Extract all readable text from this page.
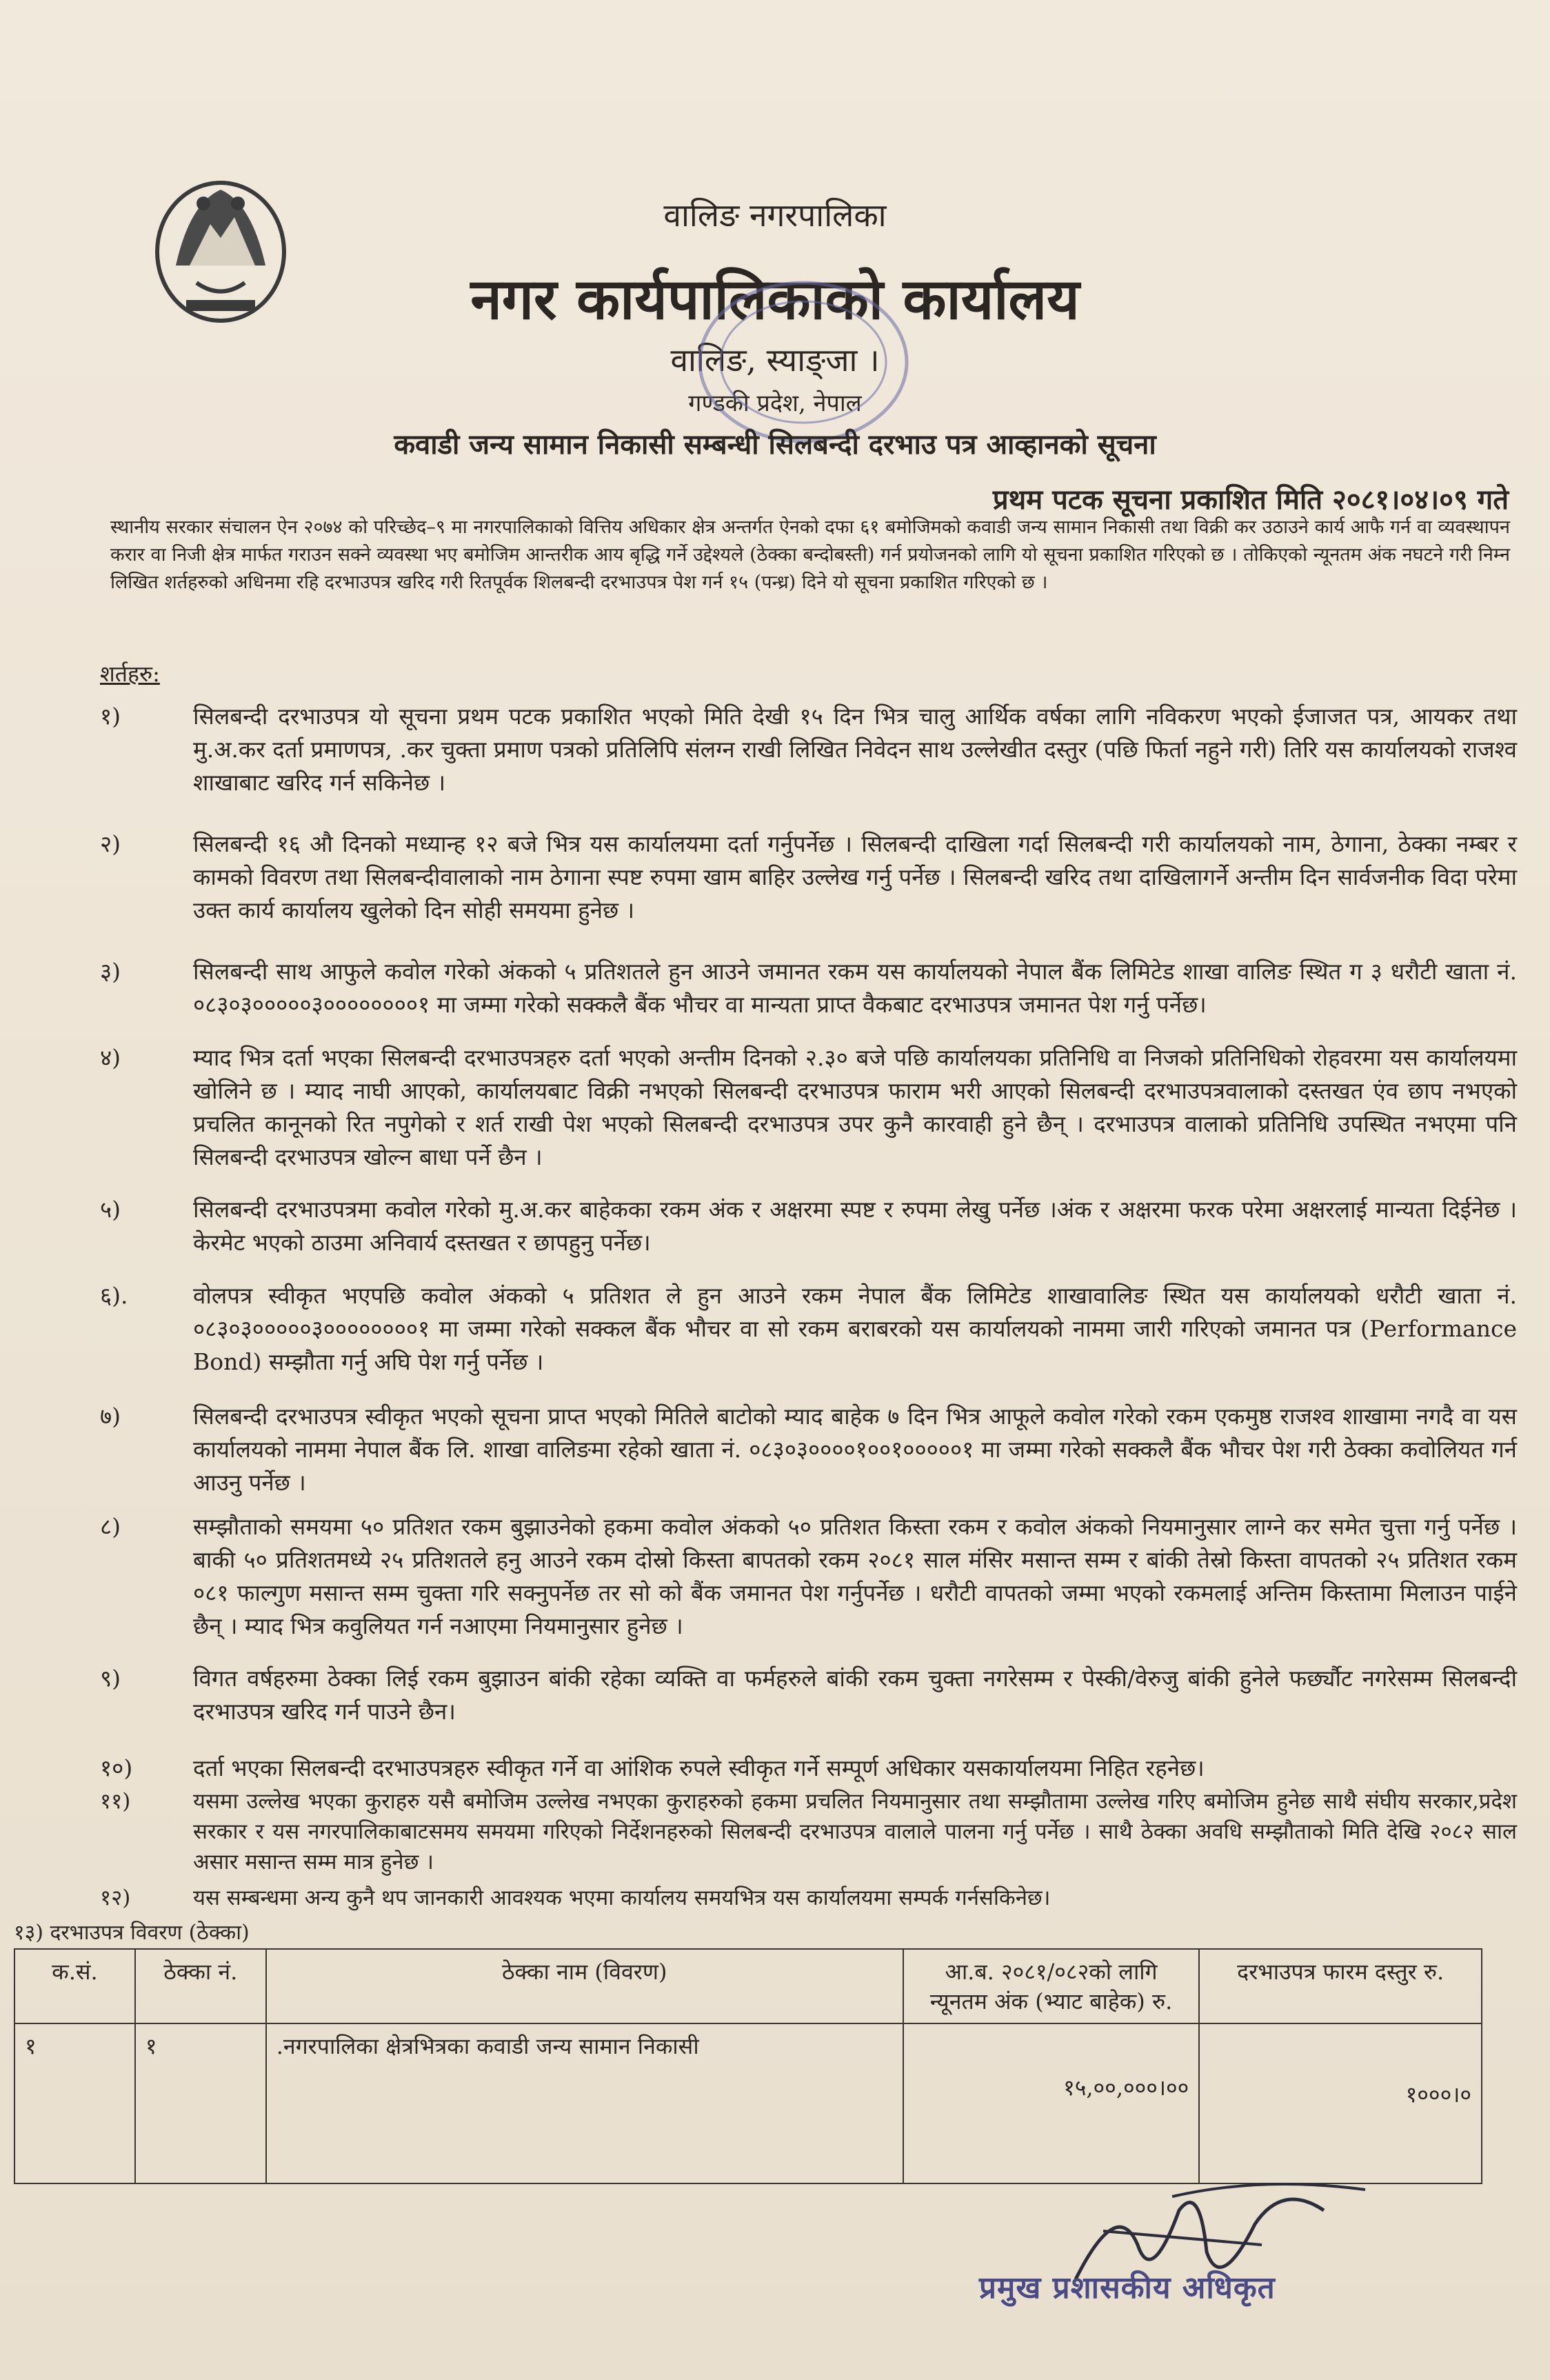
वालिङ नगरपालिका
नगर कार्यपालिकाको कार्यालय
वालिङ, स्याङ्जा ।
गण्डकी प्रदेश, नेपाल
कवाडी जन्य सामान निकासी सम्बन्धी सिलबन्दी दरभाउ पत्र आव्हानको सूचना
प्रथम पटक सूचना प्रकाशित मिति २०८१।०४।०९ गते
स्थानीय सरकार संचालन ऐन २०७४ को परिच्छेद–९ मा नगरपालिकाको वित्तिय अधिकार क्षेत्र अन्तर्गत ऐनको दफा ६१ बमोजिमको कवाडी जन्य सामान निकासी तथा विक्री कर उठाउने कार्य आफै गर्न वा व्यवस्थापन करार वा निजी क्षेत्र मार्फत गराउन सक्ने व्यवस्था भए बमोजिम आन्तरीक आय बृद्धि गर्ने उद्देश्यले (ठेक्का बन्दोबस्ती) गर्न प्रयोजनको लागि यो सूचना प्रकाशित गरिएको छ । तोकिएको न्यूनतम अंक नघटने गरी निम्न लिखित शर्तहरुको अधिनमा रहि दरभाउपत्र खरिद गरी रितपूर्वक शिलबन्दी दरभाउपत्र पेश गर्न १५ (पन्ध्र) दिने यो सूचना प्रकाशित गरिएको छ ।
शर्तहरु:
१)	सिलबन्दी दरभाउपत्र यो सूचना प्रथम पटक प्रकाशित भएको मिति देखी १५ दिन भित्र चालु आर्थिक वर्षका लागि नविकरण भएको ईजाजत पत्र, आयकर तथा मु.अ.कर दर्ता प्रमाणपत्र, .कर चुक्ता प्रमाण पत्रको प्रतिलिपि संलग्न राखी लिखित निवेदन साथ उल्लेखीत दस्तुर (पछि फिर्ता नहुने गरी) तिरि यस कार्यालयको राजश्व शाखाबाट खरिद गर्न सकिनेछ ।
२)	सिलबन्दी १६ औ दिनको मध्यान्ह १२ बजे भित्र यस कार्यालयमा दर्ता गर्नुपर्नेछ । सिलबन्दी दाखिला गर्दा सिलबन्दी गरी कार्यालयको नाम, ठेगाना, ठेक्का नम्बर र कामको विवरण तथा सिलबन्दीवालाको नाम ठेगाना स्पष्ट रुपमा खाम बाहिर उल्लेख गर्नु पर्नेछ । सिलबन्दी खरिद तथा दाखिलागर्ने अन्तीम दिन सार्वजनीक विदा परेमा उक्त कार्य कार्यालय खुलेको दिन सोही समयमा हुनेछ ।
३)	सिलबन्दी साथ आफुले कवोल गरेको अंकको ५ प्रतिशतले हुन आउने जमानत रकम यस कार्यालयको नेपाल बैंक लिमिटेड शाखा वालिङ स्थित ग ३ धरौटी खाता नं. ०८३०३०००००३००००००००१ मा जम्मा गरेको सक्कलै बैंक भौचर वा मान्यता प्राप्त वैकबाट दरभाउपत्र जमानत पेश गर्नु पर्नेछ।
४)	म्याद भित्र दर्ता भएका सिलबन्दी दरभाउपत्रहरु दर्ता भएको अन्तीम दिनको २.३० बजे पछि कार्यालयका प्रतिनिधि वा निजको प्रतिनिधिको रोहवरमा यस कार्यालयमा खोलिने छ । म्याद नाघी आएको, कार्यालयबाट विक्री नभएको सिलबन्दी दरभाउपत्र फाराम भरी आएको सिलबन्दी दरभाउपत्रवालाको दस्तखत एंव छाप नभएको प्रचलित कानूनको रित नपुगेको र शर्त राखी पेश भएको सिलबन्दी दरभाउपत्र उपर कुनै कारवाही हुने छैन् । दरभाउपत्र वालाको प्रतिनिधि उपस्थित नभएमा पनि सिलबन्दी दरभाउपत्र खोल्न बाधा पर्ने छैन ।
५)	सिलबन्दी दरभाउपत्रमा कवोल गरेको मु.अ.कर बाहेकका रकम अंक र अक्षरमा स्पष्ट र रुपमा लेखु पर्नेछ ।अंक र अक्षरमा फरक परेमा अक्षरलाई मान्यता दिईनेछ । केरमेट भएको ठाउमा अनिवार्य दस्तखत र छापहुनु पर्नेछ।
६).	वोलपत्र स्वीकृत भएपछि कवोल अंकको ५ प्रतिशत ले हुन आउने रकम नेपाल बैंक लिमिटेड शाखावालिङ स्थित यस कार्यालयको धरौटी खाता नं. ०८३०३०००००३००००००००१ मा जम्मा गरेको सक्कल बैंक भौचर वा सो रकम बराबरको यस कार्यालयको नाममा जारी गरिएको जमानत पत्र (Performance Bond) सम्झौता गर्नु अघि पेश गर्नु पर्नेछ ।
७)	सिलबन्दी दरभाउपत्र स्वीकृत भएको सूचना प्राप्त भएको मितिले बाटोको म्याद बाहेक ७ दिन भित्र आफूले कवोल गरेको रकम एकमुष्ठ राजश्व शाखामा नगदै वा यस कार्यालयको नाममा नेपाल बैंक लि. शाखा वालिङमा रहेको खाता नं. ०८३०३००००१००१०००००१ मा जम्मा गरेको सक्कलै बैंक भौचर पेश गरी ठेक्का कवोलियत गर्न आउनु पर्नेछ ।
८)	सम्झौताको समयमा ५० प्रतिशत रकम बुझाउनेको हकमा कवोल अंकको ५० प्रतिशत किस्ता रकम र कवोल अंकको नियमानुसार लाग्ने कर समेत चुत्ता गर्नु पर्नेछ । बाकी ५० प्रतिशतमध्ये २५ प्रतिशतले हनु आउने रकम दोस्रो किस्ता बापतको रकम २०८१ साल मंसिर मसान्त सम्म र बांकी तेस्रो किस्ता वापतको २५ प्रतिशत रकम ०८१ फाल्गुण मसान्त सम्म चुक्ता गरि सक्नुपर्नेछ तर सो को बैंक जमानत पेश गर्नुपर्नेछ । धरौटी वापतको जम्मा भएको रकमलाई अन्तिम किस्तामा मिलाउन पाईने छैन् । म्याद भित्र कवुलियत गर्न नआएमा नियमानुसार हुनेछ ।
९)	विगत वर्षहरुमा ठेक्का लिई रकम बुझाउन बांकी रहेका व्यक्ति वा फर्महरुले बांकी रकम चुक्ता नगरेसम्म र पेस्की/वेरुजु बांकी हुनेले फर्छ्यौट नगरेसम्म सिलबन्दी दरभाउपत्र खरिद गर्न पाउने छैन।
१०)	दर्ता भएका सिलबन्दी दरभाउपत्रहरु स्वीकृत गर्ने वा आंशिक रुपले स्वीकृत गर्ने सम्पूर्ण अधिकार यसकार्यालयमा निहित रहनेछ।
११)	यसमा उल्लेख भएका कुराहरु यसै बमोजिम उल्लेख नभएका कुराहरुको हकमा प्रचलित नियमानुसार तथा सम्झौतामा उल्लेख गरिए बमोजिम हुनेछ साथै संघीय सरकार,प्रदेश सरकार र यस नगरपालिकाबाटसमय समयमा गरिएको निर्देशनहरुको सिलबन्दी दरभाउपत्र वालाले पालना गर्नु पर्नेछ । साथै ठेक्का अवधि सम्झौताको मिति देखि २०८२ साल असार मसान्त सम्म मात्र हुनेछ ।
१२)	यस सम्बन्धमा अन्य कुनै थप जानकारी आवश्यक भएमा कार्यालय समयभित्र यस कार्यालयमा सम्पर्क गर्नसकिनेछ।
१३) दरभाउपत्र विवरण (ठेक्का)
क.सं.	ठेक्का नं.	ठेक्का नाम (विवरण)	आ.ब. २०८१/०८२को लागि न्यूनतम अंक (भ्याट बाहेक) रु.	दरभाउपत्र फारम दस्तुर रु.
१	१	.नगरपालिका क्षेत्रभित्रका कवाडी जन्य सामान निकासी	१५,००,०००।००	१०००।०
प्रमुख प्रशासकीय अधिकृत
